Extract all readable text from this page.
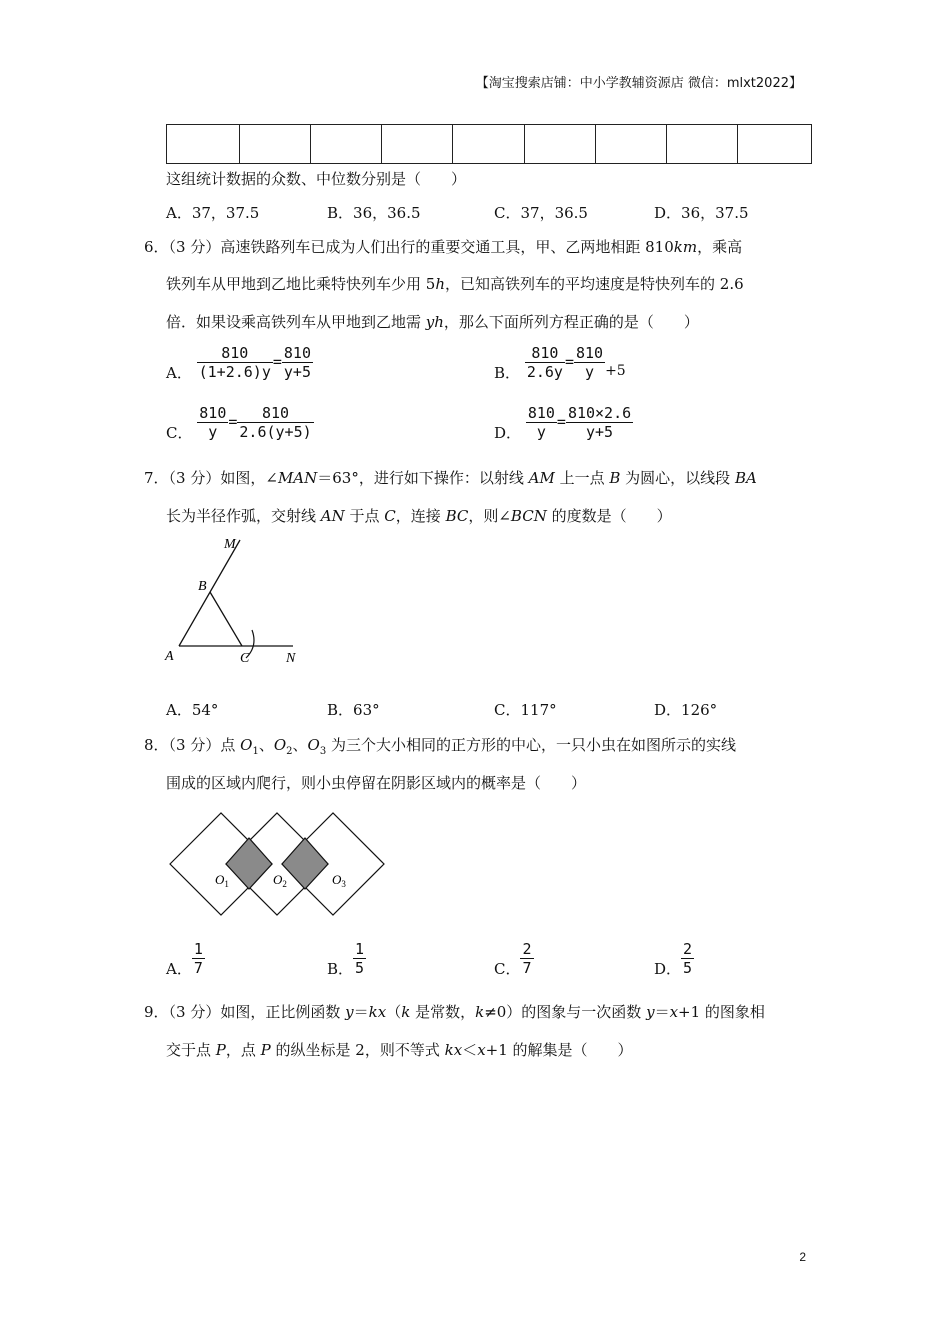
【淘宝搜索店铺：中小学教辅资源店 微信：mlxt2022】

这组统计数据的众数、中位数分别是（　　）
A．37，37.5	B．36，36.5	C．37，36.5	D．36，37.5
6．（3 分）高速铁路列车已成为人们出行的重要交通工具，甲、乙两地相距 810km，乘高
铁列车从甲地到乙地比乘特快列车少用 5h，已知高铁列车的平均速度是特快列车的 2.6
倍．如果设乘高铁列车从甲地到乙地需 yh，那么下面所列方程正确的是（　　）
A． $\frac{810}{(1+2.6)y} = \frac{810}{y+5}$	B． $\frac{810}{2.6y} = \frac{810}{y} +5$
C． $\frac{810}{y} = \frac{810}{2.6(y+5)}$	D． $\frac{810}{y} = \frac{810\times 2.6}{y+5}$
7．（3 分）如图，∠MAN＝63°，进行如下操作：以射线 AM 上一点 B 为圆心，以线段 BA
长为半径作弧，交射线 AN 于点 C，连接 BC，则∠BCN 的度数是（　　）
M
B
A	C	N
A．54°	B．63°	C．117°	D．126°
8．（3 分）点 $O_1$、$O_2$、$O_3$ 为三个大小相同的正方形的中心，一只小虫在如图所示的实线
围成的区域内爬行，则小虫停留在阴影区域内的概率是（　　）
$O_1$	$O_2$	$O_3$
A． $\frac{1}{7}$	B． $\frac{1}{5}$	C． $\frac{2}{7}$	D． $\frac{2}{5}$
9．（3 分）如图，正比例函数 y＝kx（k 是常数，k≠0）的图象与一次函数 y＝x+1 的图象相
交于点 P，点 P 的纵坐标是 2，则不等式 kx＜x+1 的解集是（　　）
2
